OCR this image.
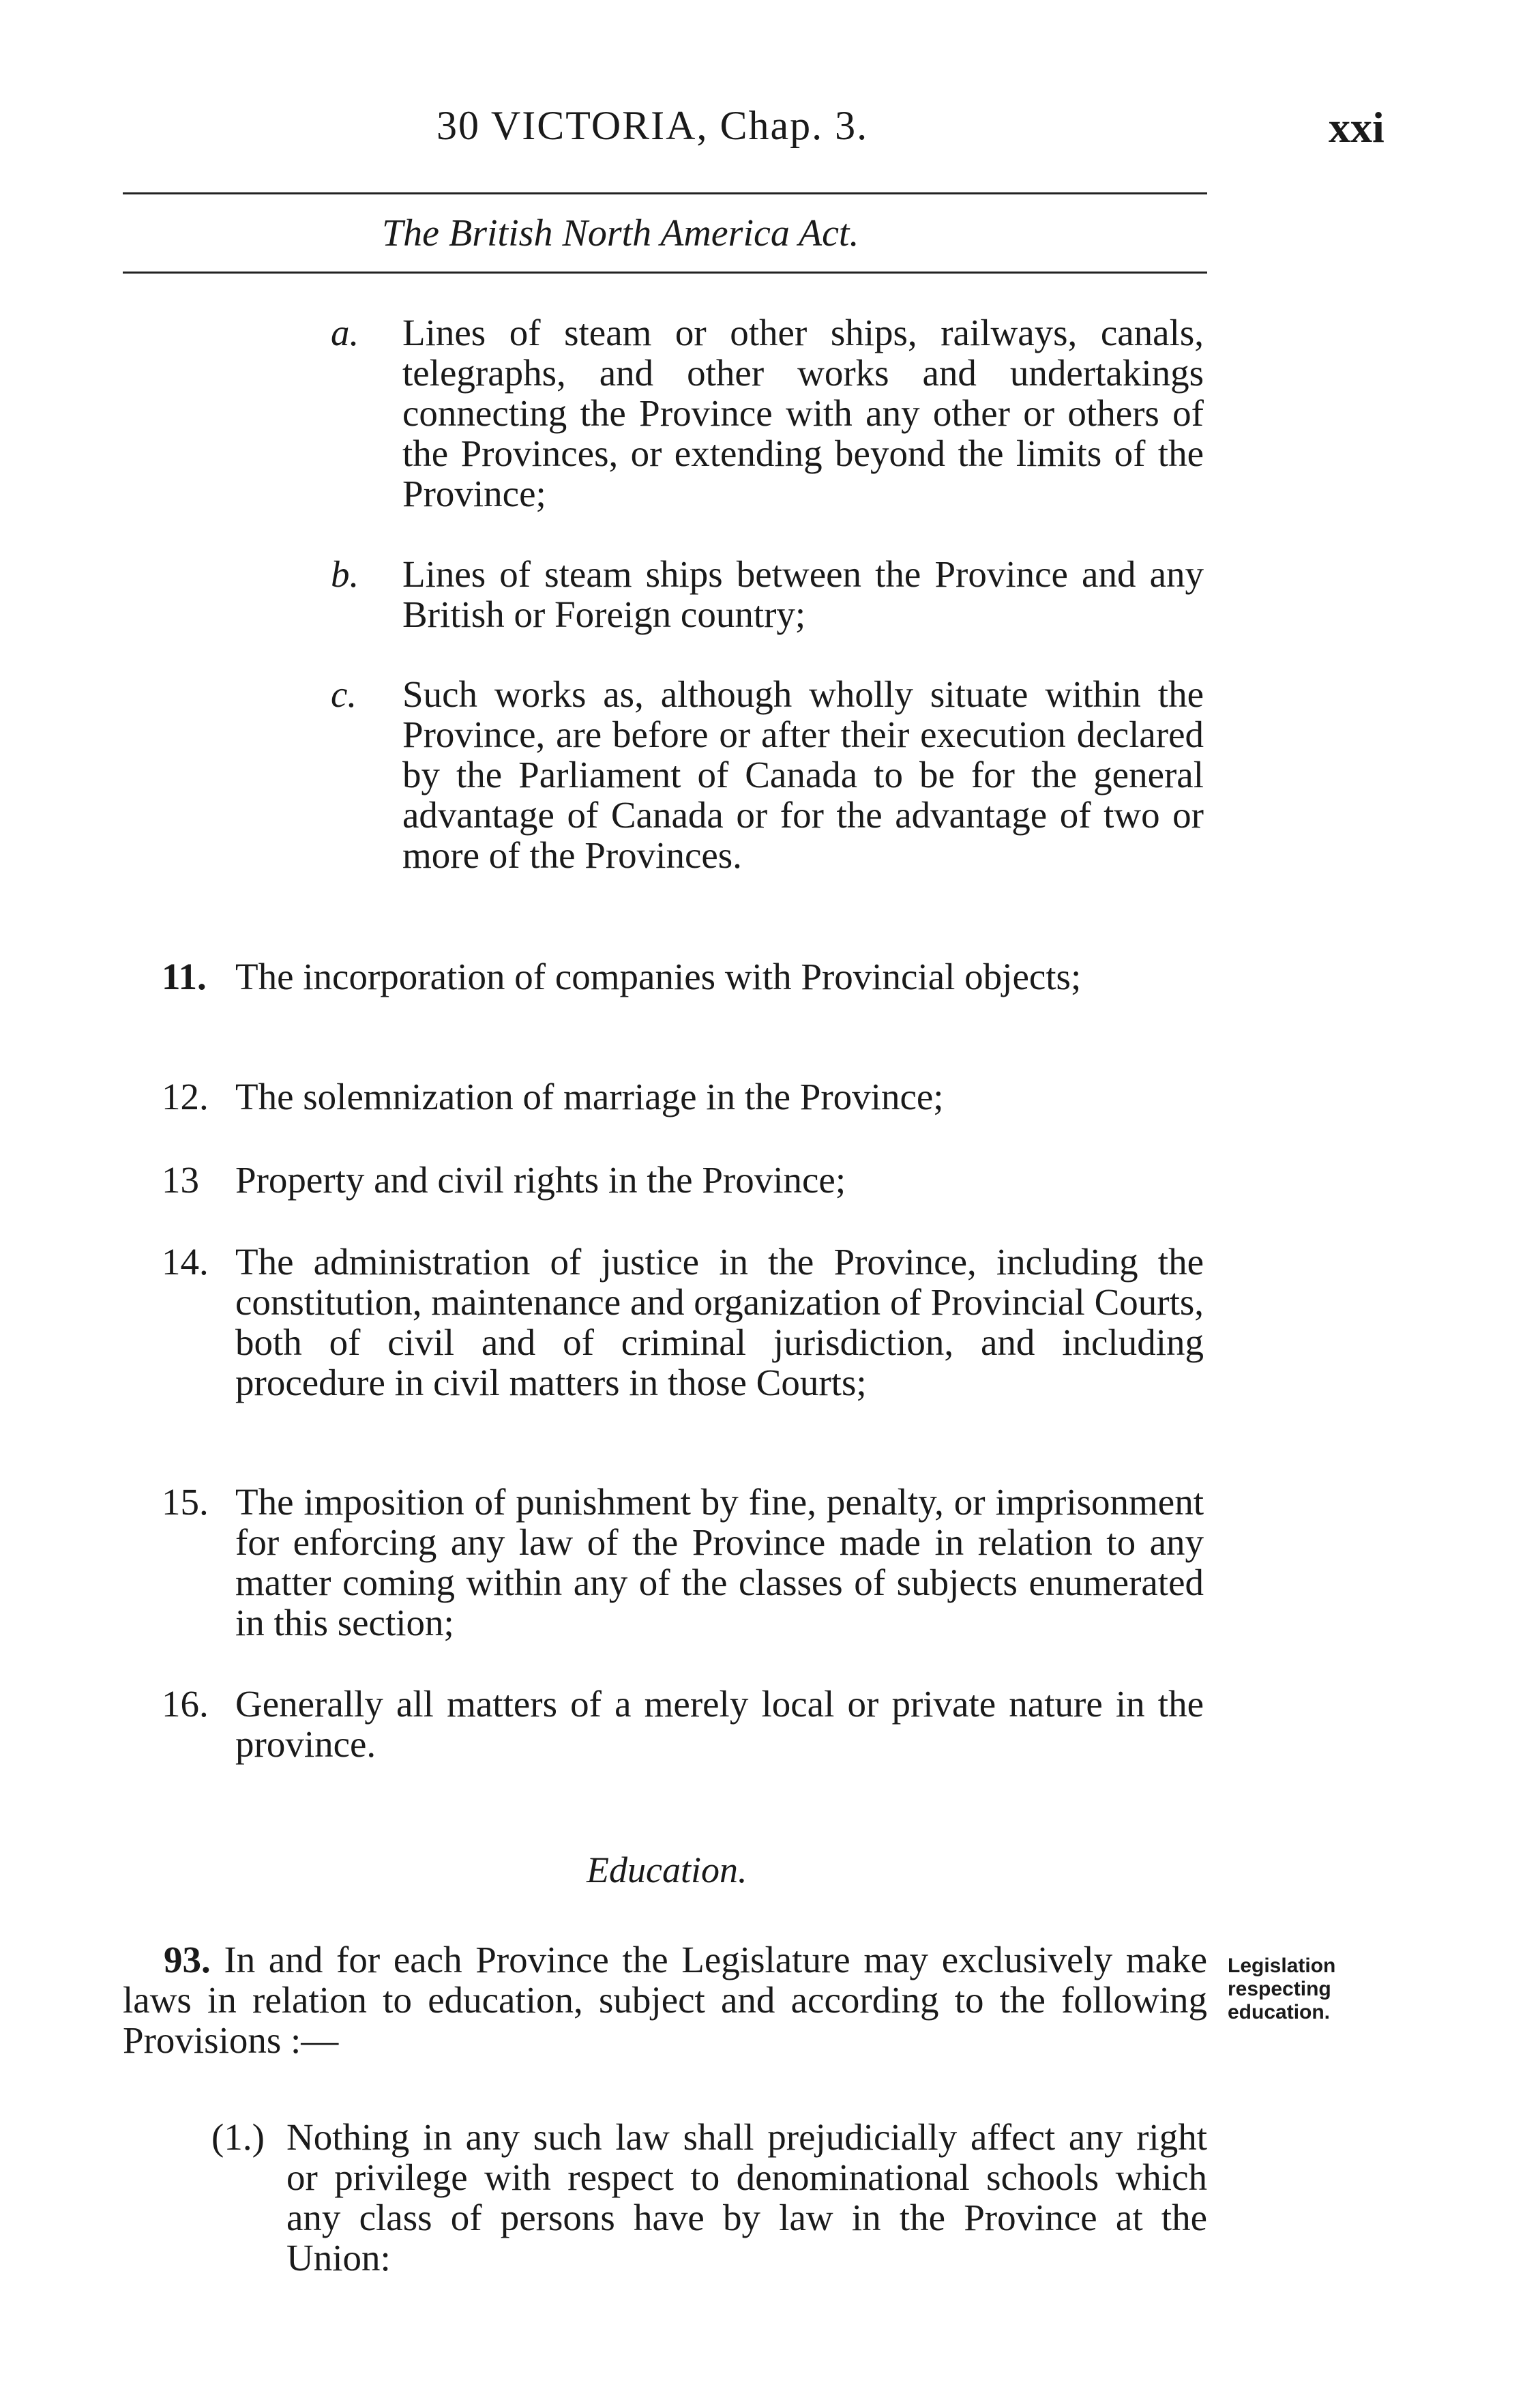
30 VICTORIA, Chap. 3.	xxi
The British North America Act.
a. Lines of steam or other ships, railways, canals, telegraphs, and other works and undertakings connecting the Province with any other or others of the Provinces, or extending beyond the limits of the Province;
b. Lines of steam ships between the Province and any British or Foreign country;
c. Such works as, although wholly situate within the Province, are before or after their execution declared by the Parliament of Canada to be for the general advantage of Canada or for the advantage of two or more of the Provinces.
11. The incorporation of companies with Provincial objects;
12. The solemnization of marriage in the Province;
13 Property and civil rights in the Province;
14. The administration of justice in the Province, including the constitution, maintenance and organization of Provincial Courts, both of civil and of criminal jurisdiction, and including procedure in civil matters in those Courts;
15. The imposition of punishment by fine, penalty, or imprisonment for enforcing any law of the Province made in relation to any matter coming within any of the classes of subjects enumerated in this section;
16. Generally all matters of a merely local or private nature in the province.
Education.
93. In and for each Province the Legislature may exclusively make laws in relation to education, subject and according to the following Provisions :—
Legislation
respecting
education.
(1.) Nothing in any such law shall prejudicially affect any right or privilege with respect to denominational schools which any class of persons have by law in the Province at the Union:
